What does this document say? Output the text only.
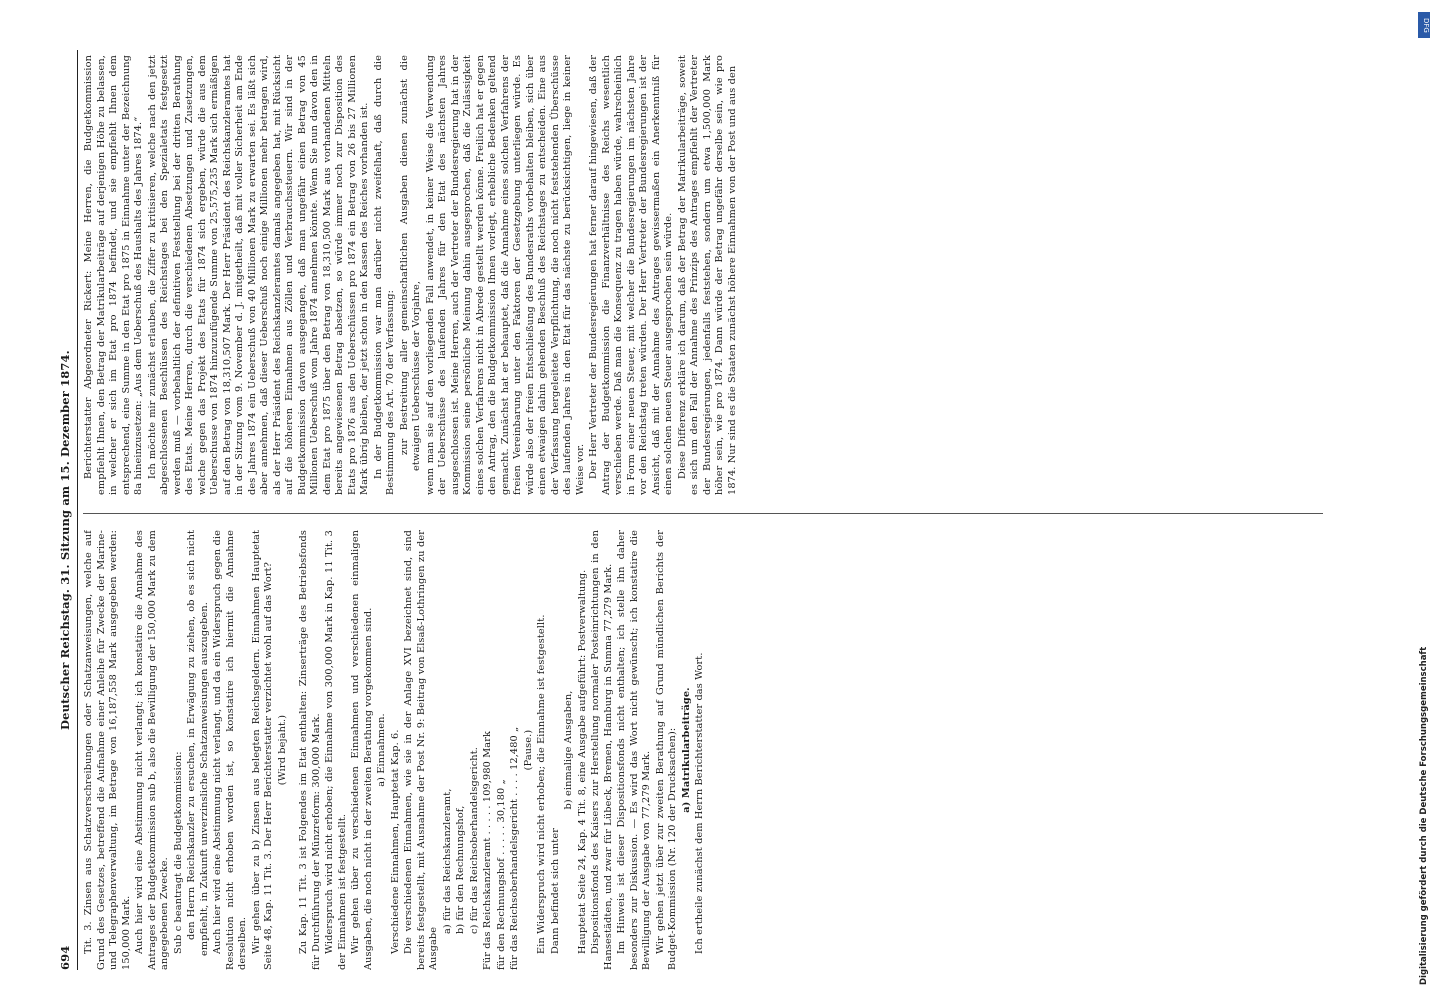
694
Deutscher Reichstag. 31. Sitzung am 15. Dezember 1874. Tit. 3. Zinsen aus Schatzverschreibungen oder Schatzanweisungen, welche auf Grund des Gesetzes, betreffend die Aufnahme einer Anleihe für Zwecke der Marine- und Telegraphenverwaltung, im Betrage von 16,187,558 Mark ausgegeben werden: 150,000 Mark. Auch hier wird eine Abstimmung nicht verlangt; ich konstatire die Annahme des Antrages der Budgetkommission sub b, also die Bewilligung der 150,000 Mark zu dem angegebenen Zwecke. Sub c beantragt die Budgetkommission: den Herrn Reichskanzler zu ersuchen, in Erwägung zu ziehen, ob es sich nicht empfiehlt, in Zukunft unverzinsliche Schatzanweisungen auszugeben. Auch hier wird eine Abstimmung nicht verlangt, und da ein Widerspruch gegen die Resolution nicht erhoben worden ist, so konstatire ich hiermit die Annahme derselben. Wir gehen über zu b) Zinsen aus belegten Reichsgeldern. Einnahmen Hauptetat Seite 48, Kap. 11 Tit. 3. Der Herr Berichterstatter verzichtet wohl auf das Wort? (Wird bejaht.) Zu Kap. 11 Tit. 3 ist Folgendes im Etat enthalten: Zinserträge des Betriebsfonds für Durchführung der Münzreform: 300,000 Mark. Widerspruch wird nicht erhoben; die Einnahme von 300,000 Mark in Kap. 11 Tit. 3 der Einnahmen ist festgestellt. Wir gehen über zu verschiedenen Einnahmen und verschiedenen einmaligen Ausgaben, die noch nicht in der zweiten Berathung vorgekommen sind. a) Einnahmen. Verschiedene Einnahmen, Hauptetat Kap. 6. Die verschiedenen Einnahmen, wie sie in der Anlage XVI bezeichnet sind, sind bereits festgestellt, mit Ausnahme der Post Nr. 9: Beitrag von Elsaß-Lothringen zu der Ausgabe

a) für das Reichskanzleramt, b) für den Rechnungshof, c) für das Reichsoberhandelsgericht. Für das Reichskanzleramt . . . . . 109,980 Mark für den Rechnungshof . . . . . 30,180 „ für das Reichsoberhandelsgericht . . . . 12,480 „ (Pause.) Ein Widerspruch wird nicht erhoben; die Einnahme ist festgestellt. Dann befindet sich unter

b) einmalige Ausgaben, Hauptetat Seite 24, Kap. 4 Tit. 8, eine Ausgabe aufgeführt: Postverwaltung. Dispositionsfonds des Kaisers zur Herstellung normaler Posteinrichtungen in den Hansestädten, und zwar für Lübeck, Bremen, Hamburg in Summa 77,279 Mark. Im Hinweis ist dieser Dispositionsfonds nicht enthalten; ich stelle ihn daher besonders zur Diskussion. — Es wird das Wort nicht gewünscht; ich konstatire die Bewilligung der Ausgabe von 77,279 Mark. Wir gehen jetzt über zur zweiten Berathung auf Grund mündlichen Berichts der Budget-Kommission (Nr. 120 der Drucksachen): a) Matrikularbeiträge. Ich ertheile zunächst dem Herrn Berichterstatter das Wort.

Berichterstatter Abgeordneter Rickert: Meine Herren, die Budgetkommission empfiehlt Ihnen, den Betrag der Matrikularbeiträge auf derjenigen Höhe zu belassen, in welcher er sich im Etat pro 1874 befindet, und sie empfiehlt Ihnen dem entsprechend, eine Summe in den Etat pro 1875 in Einnahme unter der Bezeichnung 8a hineinzusetzen: „Aus dem Ueberschuß des Haushalts des Jahres 1874.“ Ich möchte mir zunächst erlauben, die Ziffer zu kritisieren, welche nach den jetzt abgeschlossenen Beschlüssen des Reichstages bei den Spezialetats festgesetzt werden muß — vorbehaltlich der definitiven Feststellung bei der dritten Berathung des Etats. Meine Herren, durch die verschiedenen Absetzungen und Zusetzungen, welche gegen das Projekt des Etats für 1874 sich ergeben, würde die aus dem Ueberschusse von 1874 hinzuzufügende Summe von 25,575,235 Mark sich ermäßigen auf den Betrag von 18,310,507 Mark. Der Herr Präsident des Reichskanzleramtes hat in der Sitzung vom 9. November d. J. mitgetheilt, daß mit voller Sicherheit am Ende des Jahres 1874 ein Ueberschuß von 40 Millionen Mark zu erwarten sei. Es läßt sich aber annehmen, daß dieser Ueberschuß noch einige Millionen mehr betragen wird, als der Herr Präsident des Reichskanzleramtes damals angegeben hat, mit Rücksicht auf die höheren Einnahmen aus Zöllen und Verbrauchssteuern. Wir sind in der Budgetkommission davon ausgegangen, daß man ungefähr einen Betrag von 45 Millionen Ueberschuß vom Jahre 1874 annehmen könnte. Wenn Sie nun davon den in dem Etat pro 1875 über den Betrag von 18,310,500 Mark aus vorhandenen Mitteln bereits angewiesenen Betrag absetzen, so würde immer noch zur Disposition des Etats pro 1876 aus den Ueberschüssen pro 1874 ein Betrag von 26 bis 27 Millionen Mark übrig bleiben, der jetzt schon in den Kassen des Reiches vorhanden ist. In der Budgetkommission war man darüber nicht zweifelhaft, daß durch die Bestimmung des Art. 70 der Verfassung: zur Bestreitung aller gemeinschaftlichen Ausgaben dienen zunächst die etwaigen Ueberschüsse der Vorjahre, wenn man sie auf den vorliegenden Fall anwendet, in keiner Weise die Verwendung der Ueberschüsse des laufenden Jahres für den Etat des nächsten Jahres ausgeschlossen ist. Meine Herren, auch der Vertreter der Bundesregierung hat in der Kommission seine persönliche Meinung dahin ausgesprochen, daß die Zulässigkeit eines solchen Verfahrens nicht in Abrede gestellt werden könne. Freilich hat er gegen den Antrag, den die Budgetkommission Ihnen vorlegt, erhebliche Bedenken geltend gemacht. Zunächst hat er behauptet, daß die Annahme eines solchen Verfahrens der freien Vereinbarung unter den Faktoren der Gesetzgebung unterliegen würde. Es würde also der freien Entschließung des Bundesraths vorbehalten bleiben, sich über einen etwaigen dahin gehenden Beschluß des Reichstages zu entscheiden. Eine aus der Verfassung hergeleitete Verpflichtung, die noch nicht feststehenden Überschüsse des laufenden Jahres in den Etat für das nächste zu berücksichtigen, liege in keiner Weise vor. Der Herr Vertreter der Bundesregierungen hat ferner darauf hingewiesen, daß der Antrag der Budgetkommission die Finanzverhältnisse des Reichs wesentlich verschieben werde. Daß man die Konsequenz zu tragen haben würde, wahrscheinlich in Form einer neuen Steuer, mit welcher die Bundesregierungen im nächsten Jahre vor den Reichstag treten würden. Der Herr Vertreter der Bundesregierungen ist der Ansicht, daß mit der Annahme des Antrages gewissermaßen ein Anerkenntniß für einen solchen neuen Steuer ausgesprochen sein würde. Diese Differenz erkläre ich darum, daß der Betrag der Matrikularbeiträge, soweit es sich um den Fall der Annahme des Prinzips des Antrages empfiehlt der Vertreter der Bundesregierungen, jedenfalls feststehen, sondern um etwa 1,500,000 Mark höher sein, wie pro 1874. Dann würde der Betrag ungefähr derselbe sein, wie pro 1874. Nur sind es die Staaten zunächst höhere Einnahmen von der Post und aus den

Digitalisierung gefördert durch die Deutsche Forschungsgemeinschaft
DFG
